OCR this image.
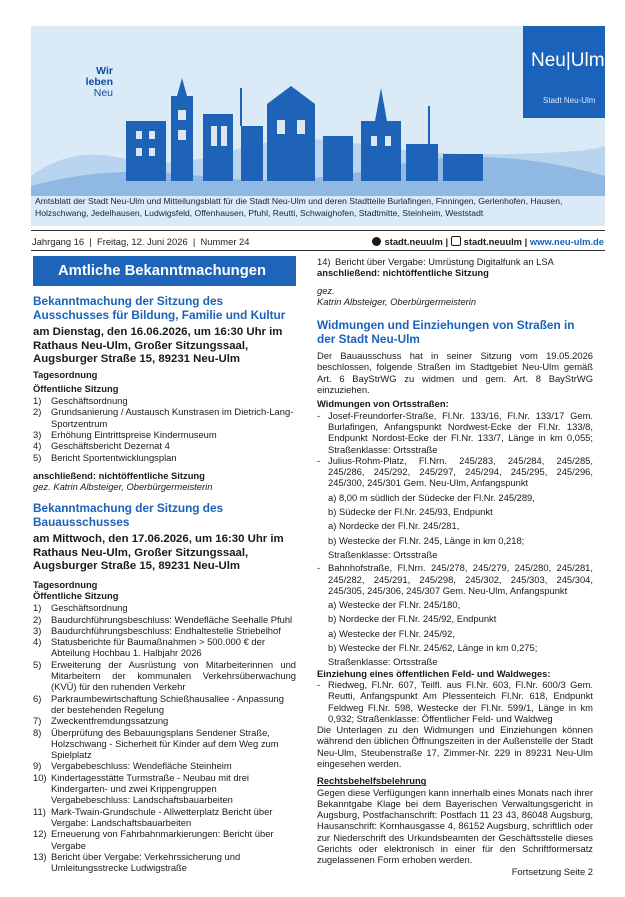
Wir
leben
Neu
Neu|Ulm
Stadt Neu-Ulm
Amtsblatt der Stadt Neu-Ulm und Mitteilungsblatt für die Stadt Neu-Ulm und deren Stadtteile Burlafingen, Finningen, Gerlenhofen, Hausen, Holzschwang, Jedelhausen, Ludwigsfeld, Offenhausen, Pfuhl, Reutti, Schwaighofen, Stadtmitte, Steinheim, Weststadt
Jahrgang 16  |  Freitag, 12. Juni 2026  |  Nummer 24	stadt.neuulm | stadt.neuulm | www.neu-ulm.de
Amtliche Bekanntmachungen
Bekanntmachung der Sitzung des Ausschusses für Bildung, Familie und Kultur
am Dienstag, den 16.06.2026, um 16:30 Uhr im Rathaus Neu-Ulm, Großer Sitzungssaal, Augsburger Straße 15, 89231 Neu-Ulm
Tagesordnung
Öffentliche Sitzung
1)	Geschäftsordnung
2)	Grundsanierung / Austausch Kunstrasen im Dietrich-Lang-Sportzentrum
3)	Erhöhung Eintrittspreise Kindermuseum
4)	Geschäftsbericht Dezernat 4
5)	Bericht Sportentwicklungsplan
anschließend: nichtöffentliche Sitzung
gez. Katrin Albsteiger, Oberbürgermeisterin
Bekanntmachung der Sitzung des Bauausschusses
am Mittwoch, den 17.06.2026, um 16:30 Uhr im Rathaus Neu-Ulm, Großer Sitzungssaal, Augsburger Straße 15, 89231 Neu-Ulm
Tagesordnung
Öffentliche Sitzung
1)	Geschäftsordnung
2)	Baudurchführungsbeschluss: Wendefläche Seehalle Pfuhl
3)	Baudurchführungsbeschluss: Endhaltestelle Striebelhof
4)	Statusberichte für Baumaßnahmen > 500.000 € der Abteilung Hochbau 1. Halbjahr 2026
5)	Erweiterung der Ausrüstung von Mitarbeiterinnen und Mitarbeitern der kommunalen Verkehrsüberwachung (KVÜ) für den ruhenden Verkehr
6)	Parkraumbewirtschaftung Schießhausallee - Anpassung der bestehenden Regelung
7)	Zweckentfremdungssatzung
8)	Überprüfung des Bebauungsplans Sendener Straße, Holzschwang - Sicherheit für Kinder auf dem Weg zum Spielplatz
9)	Vergabebeschluss: Wendefläche Steinheim
10) Kindertagesstätte Turmstraße - Neubau mit drei Kindergarten- und zwei Krippengruppen Vergabebeschluss: Landschaftsbauarbeiten
11) Mark-Twain-Grundschule - Allwetterplatz Bericht über Vergabe: Landschaftsbauarbeiten
12) Erneuerung von Fahrbahnmarkierungen: Bericht über Vergabe
13) Bericht über Vergabe: Verkehrssicherung und Umleitungsstrecke Ludwigstraße
14) Bericht über Vergabe: Umrüstung Digitalfunk an LSA
anschließend: nichtöffentliche Sitzung
gez.
Katrin Albsteiger, Oberbürgermeisterin
Widmungen und Einziehungen von Straßen in der Stadt Neu-Ulm
Der Bauausschuss hat in seiner Sitzung vom 19.05.2026 beschlossen, folgende Straßen im Stadtgebiet Neu-Ulm gemäß Art. 6 BayStrWG zu widmen und gem. Art. 8 BayStrWG einzuziehen.
Widmungen von Ortsstraßen:
- Josef-Freundorfer-Straße, Fl.Nr. 133/16, Fl.Nr. 133/17 Gem. Burlafingen, Anfangspunkt Nordwest-Ecke der Fl.Nr. 133/8, Endpunkt Nordost-Ecke der Fl.Nr. 133/7, Länge in km 0,055; Straßenklasse: Ortsstraße
- Julius-Rohm-Platz, Fl.Nrn. 245/283, 245/284, 245/285, 245/286, 245/292, 245/297, 245/294, 245/295, 245/296, 245/300, 245/301 Gem. Neu-Ulm, Anfangspunkt
a) 8,00 m südlich der Südecke der Fl.Nr. 245/289,
b) Südecke der Fl.Nr. 245/93, Endpunkt
a) Nordecke der Fl.Nr. 245/281,
b) Westecke der Fl.Nr. 245, Länge in km 0,218;
Straßenklasse: Ortsstraße
- Bahnhofstraße, Fl.Nrn. 245/278, 245/279, 245/280, 245/281, 245/282, 245/291, 245/298, 245/302, 245/303, 245/304, 245/305, 245/306, 245/307 Gem. Neu-Ulm, Anfangspunkt
a) Westecke der Fl.Nr. 245/180,
b) Nordecke der Fl.Nr. 245/92, Endpunkt
a) Westecke der Fl.Nr. 245/92,
b) Westecke der Fl.Nr. 245/62, Länge in km 0,275;
Straßenklasse: Ortsstraße
Einziehung eines öffentlichen Feld- und Waldweges:
- Riedweg, Fl.Nr. 607, Teilfl. aus Fl.Nr. 603, Fl.Nr. 600/3 Gem. Reutti, Anfangspunkt Am Plessenteich Fl.Nr. 618, Endpunkt Feldweg Fl.Nr. 598, Westecke der Fl.Nr. 599/1, Länge in km 0,932; Straßenklasse: Öffentlicher Feld- und Waldweg
Die Unterlagen zu den Widmungen und Einziehungen können während den üblichen Öffnungszeiten in der Außenstelle der Stadt Neu-Ulm, Steubenstraße 17, Zimmer-Nr. 229 in 89231 Neu-Ulm eingesehen werden.
Rechtsbehelfsbelehrung
Gegen diese Verfügungen kann innerhalb eines Monats nach ihrer Bekanntgabe Klage bei dem Bayerischen Verwaltungsgericht in Augsburg, Postfachanschrift: Postfach 11 23 43, 86048 Augsburg, Hausanschrift: Kornhausgasse 4, 86152 Augsburg, schriftlich oder zur Niederschrift des Urkundsbeamten der Geschäftsstelle dieses Gerichts oder elektronisch in einer für den Schriftformersatz zugelassenen Form erhoben werden.
Fortsetzung Seite 2
